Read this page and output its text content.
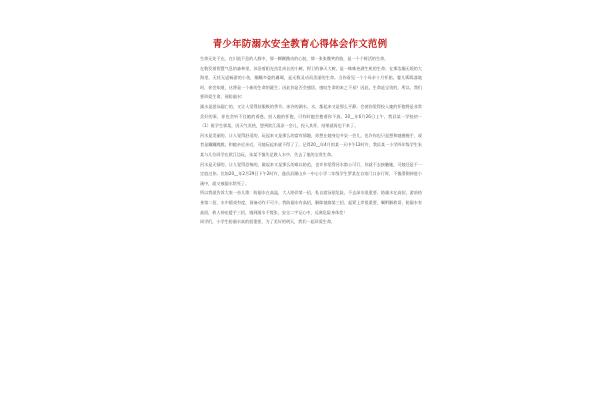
青少年防溺水安全教育心得体会作文范例

生命无处不在。在川流不息的人群中，那一颗颗跳动的心脏，那一张张微笑的脸，是一个个鲜活的生命。

在数发着智慧气息的森林里，沐浴着阳光茁壮成长的小树，捍卫的参天大树，是一株株充满生机的生命；在那浩瀚无垠的大海里，无忧无虑畅游的小鱼，蹦蹦多姿的珊瑚，是无数灵动而美丽的生命。当你看见一个个母亲十月怀胎，婴儿呱呱落地时，你会知道，这将是一个新的生命的诞生；因此你是否会感悟，感叹生命的来之不易？因此，生命是宝贵的，所以，我们要珍爱生命，预防溺水！

溺水是游泳溺亡的，又让人觉得舒服极的季节，冰冷的湖水，水，都起来又是那么平静。会使你觉得投入她的怀抱将是非常美好的事，你也会听不住她的诱惑，投入她的怀抱，可有时她会抱着你不放。20__年6月26日上午，我县某一学校初一（1）班学生郭某，因天气炎热，想到欧江清凉一会儿，投入其怀，结果就再也不来了。

河水是美丽的，让人觉得舒适的，玩起来又是那么的富有情趣，你想在她身边多呆一会儿，也许你也只是想和她握握手，或者是蹦蹦跳跳，和她亲近亲近，可她玩起来就不得了了。记得20__年4月的某一天中午12时许，我县某一小学四年级学生朱某与几位同学在欧江边玩，朱某不慎失足跌入水中，失去了他的宝贵生命。

河水是无情的，让人觉得恐怖的，做起来又是那么的难以防范，也许你觉得河水都公可行，你就不去接触她，可她还是不一定放过你。比如20__年2月29日下午2时许，逢昌县湖山乡一中心小学二年级学生罗某在自家门口步行时，不慎滑倒掉进小溪中，就又被溺水给死了。

所以我就告诉大家一首儿歌：防溺水在高温，大人陪伴第一招，私自游泳很危险，不去深水很重要，防溺水在高招，游前热身第二招，水中嬉戏有度，预备动作不可少。我防溺水有高招，解除抽筋第三招，起紧上岸很重要，嘱咐解救哥，防溺水有高招，救人伸出援手三招，遇到溺水不慌张，安全二字记心中，远离危险身体差！

同学们，小学生防溺水真的很重要，为了美好的明天，我们一起珍爱生命，
